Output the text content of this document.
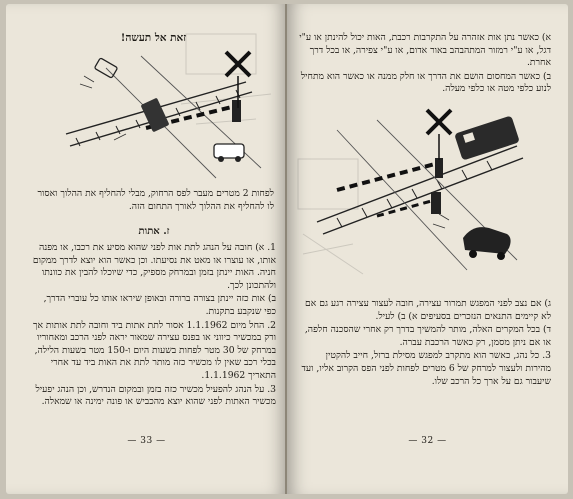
זאת אל תעשה!
לפחות 2 מטרים מעבר לפס הרחוק, מבלי להחליף את ההלוך ואסור לו להחליף את ההלוך לאורך התחום הזה.
ז. אתות

1. א) חובה על הנהג לתת אות לפני שהוא מסיע את רכבו, או מפנה אותו, או עוצרו או מאט את נסיעתו. וכן כאשר הוא יוצא לדרך ממקום חניה. האות יינתן בזמן ובמרחק מספיק, כדי שיוכלו להבין את כוונתו ולהתכונן לכך.

ב) אות כזה יינתן בצורה ברורה ובאופן שיראו אותו כל עוברי הדרך, כפי שנקבע בתקנות.

2. החל מיום 1.1.1962 אסור לתת אתות ביד וחובה לתת אותות אך ורק במכשיר כיווני או בפנס עצירה שמאור יראה לפני הרכב ומאחוריו במרחק של 30 מטר לפחות בשעות היום ו-150 מטר בשעות הלילה, בכלי רכב שאין לו מכשיר כזה מותר לתת את האות ביד עד אחרי התאריך 1.1.1962.

3. על הנהג להפעיל מכשיר כזה בזמן ובמקום הנדרש, וכן הנהג יפעיל מכשיר האתות לפני שהוא יוצא מהכביש או פונה ימינה או שמאלה.

— 33 —

א) כאשר נתן אות אזהרה על התקרבות רכבת, האות יכול להינתן או ע"י דגל, או ע"י רמזור המתהבהב באור אדום, או ע"י צפירה, או בכל דרך אחרת.

ב) כאשר המחסום הושם את הדרך או חלק ממנה או כאשר הוא מתחיל לנוע כלפי מטה או כלפי מעלה.

ג) אם נצב לפני המפגש תמרור עצירה, חובה לעצור עצירה רגע גם אם לא קיימים התנאים הנזכרים בסעיפים א) ב) לעיל.

ד) בכל המקרים האלה, מותר להמשיך בדרך רק אחרי שהסכנה חלפה, או אם ניתן מסמן, רק כאשר הרכבת עברה.

3. כל נהג, כאשר הוא מתקרב למפגש מסילת ברזל, חייב להקטין מהירות ולעצור למרחק של 6 מטרים לפחות לפני הפס הקרוב אליו, ועד שיעבור גם על ארך כל הרכב שלו.

— 32 —
